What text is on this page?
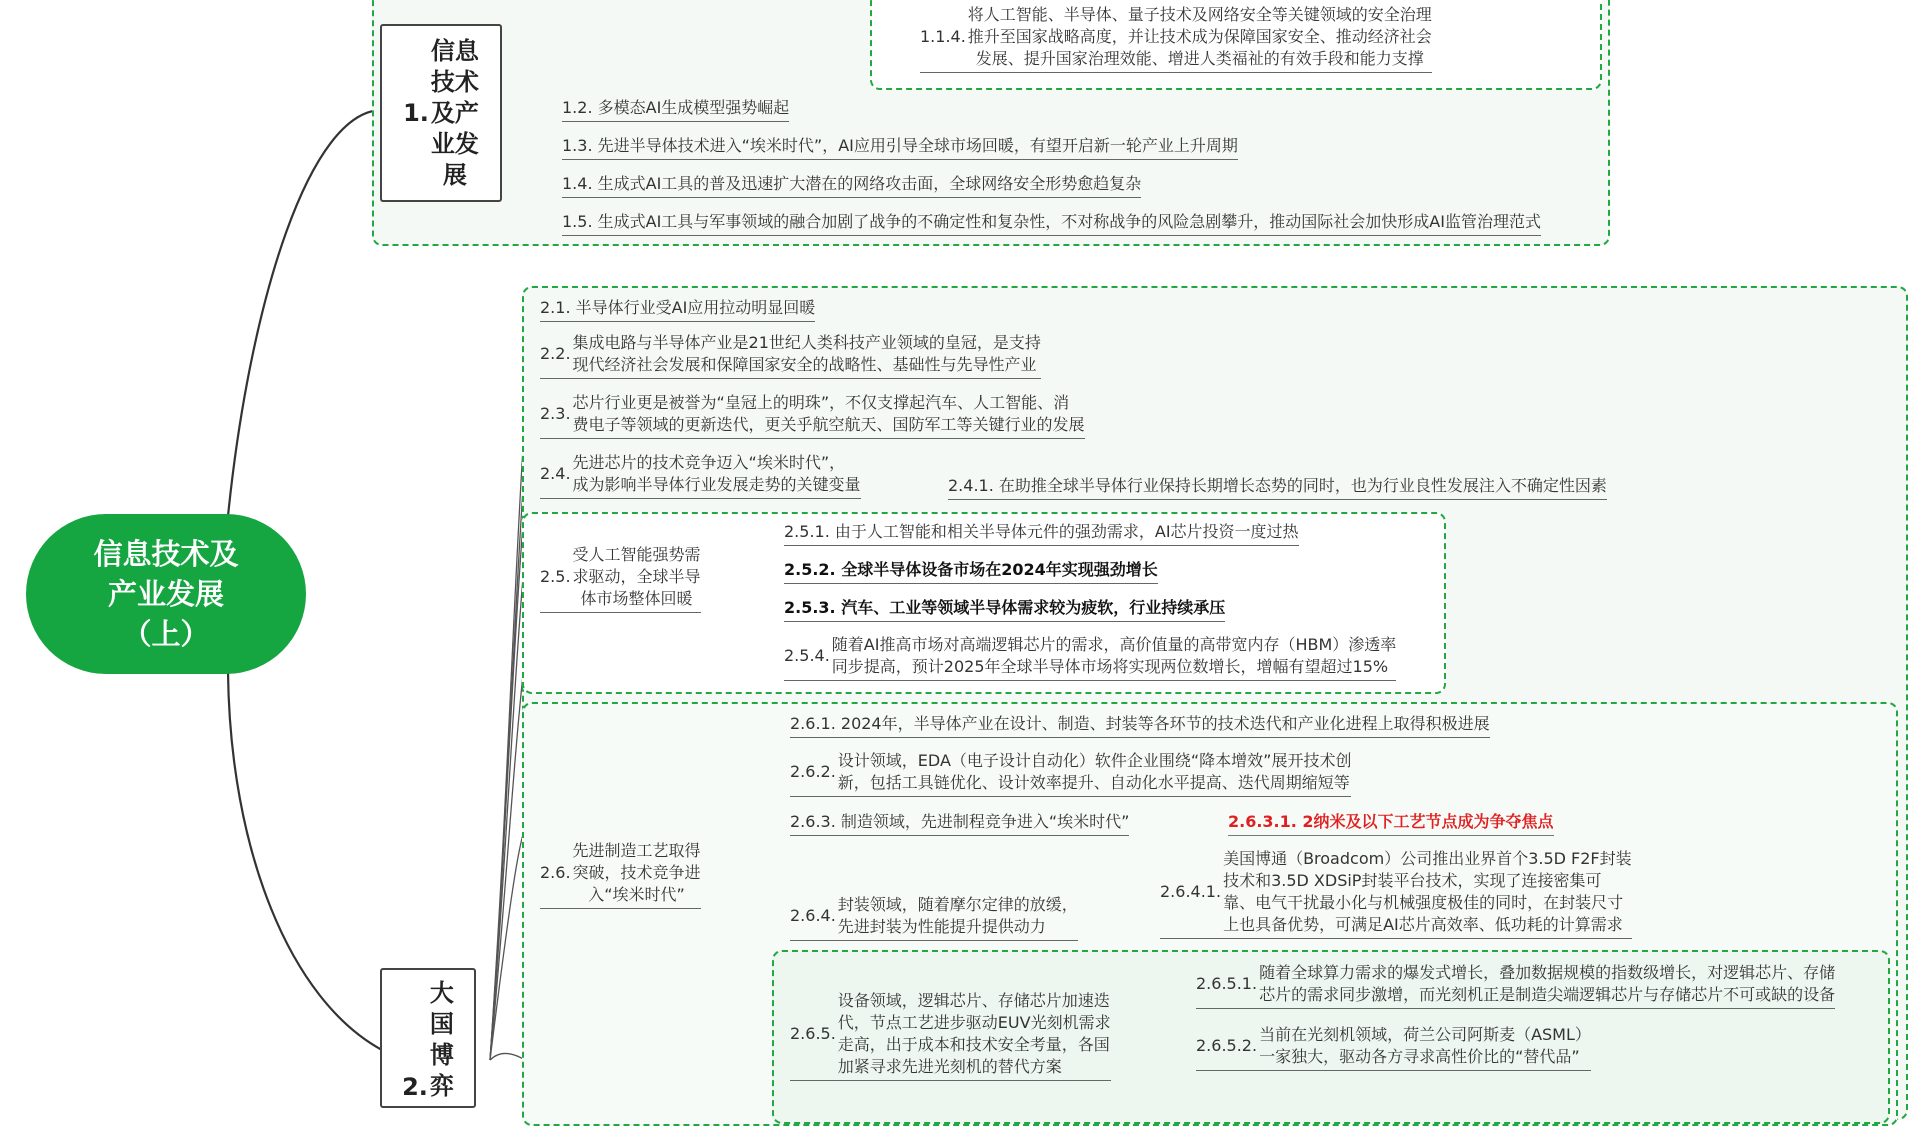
信息技术及
产业发展
（上）
1.
信息
技术
及产
业发
展
2.
大
国
博
弈
1.1.4.
将人工智能、半导体、量子技术及网络安全等关键领域的安全治理
推升至国家战略高度，并让技术成为保障国家安全、推动经济社会
发展、提升国家治理效能、增进人类福祉的有效手段和能力支撑
1.2. 多模态AI生成模型强势崛起
1.3. 先进半导体技术进入“埃米时代”，AI应用引导全球市场回暖，有望开启新一轮产业上升周期
1.4. 生成式AI工具的普及迅速扩大潜在的网络攻击面，全球网络安全形势愈趋复杂
1.5. 生成式AI工具与军事领域的融合加剧了战争的不确定性和复杂性，不对称战争的风险急剧攀升，推动国际社会加快形成AI监管治理范式
2.1. 半导体行业受AI应用拉动明显回暖
2.2.
集成电路与半导体产业是21世纪人类科技产业领域的皇冠，是支持
现代经济社会发展和保障国家安全的战略性、基础性与先导性产业
2.3.
芯片行业更是被誉为“皇冠上的明珠”，不仅支撑起汽车、人工智能、消
费电子等领域的更新迭代，更关乎航空航天、国防军工等关键行业的发展
2.4.
先进芯片的技术竞争迈入“埃米时代”，
成为影响半导体行业发展走势的关键变量	2.4.1. 在助推全球半导体行业保持长期增长态势的同时，也为行业良性发展注入不确定性因素
2.5.
受人工智能强势需
求驱动，全球半导
体市场整体回暖
2.5.1. 由于人工智能和相关半导体元件的强劲需求，AI芯片投资一度过热
2.5.2. 全球半导体设备市场在2024年实现强劲增长
2.5.3. 汽车、工业等领域半导体需求较为疲软，行业持续承压
2.5.4.
随着AI推高市场对高端逻辑芯片的需求，高价值量的高带宽内存（HBM）渗透率
同步提高，预计2025年全球半导体市场将实现两位数增长，增幅有望超过15%
2.6.
先进制造工艺取得
突破，技术竞争进
入“埃米时代”
2.6.1. 2024年，半导体产业在设计、制造、封装等各环节的技术迭代和产业化进程上取得积极进展
2.6.2.
设计领域，EDA（电子设计自动化）软件企业围绕“降本增效”展开技术创
新，包括工具链优化、设计效率提升、自动化水平提高、迭代周期缩短等
2.6.3. 制造领域，先进制程竞争进入“埃米时代”	2.6.3.1. 2纳米及以下工艺节点成为争夺焦点
2.6.4.
封装领域，随着摩尔定律的放缓，
先进封装为性能提升提供动力
2.6.4.1.
美国博通（Broadcom）公司推出业界首个3.5D F2F封装
技术和3.5D XDSiP封装平台技术，实现了连接密集可
靠、电气干扰最小化与机械强度极佳的同时，在封装尺寸
上也具备优势，可满足AI芯片高效率、低功耗的计算需求
2.6.5.
设备领域，逻辑芯片、存储芯片加速迭
代，节点工艺进步驱动EUV光刻机需求
走高，出于成本和技术安全考量，各国
加紧寻求先进光刻机的替代方案
2.6.5.1.
随着全球算力需求的爆发式增长，叠加数据规模的指数级增长，对逻辑芯片、存储
芯片的需求同步激增，而光刻机正是制造尖端逻辑芯片与存储芯片不可或缺的设备
2.6.5.2.
当前在光刻机领域，荷兰公司阿斯麦（ASML）
一家独大，驱动各方寻求高性价比的“替代品”
